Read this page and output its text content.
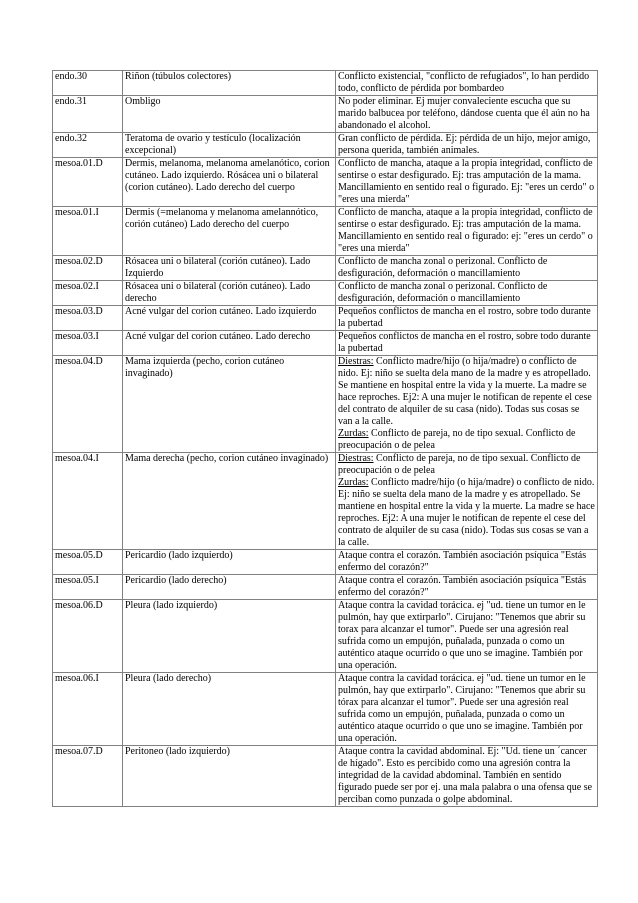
endo.30	Riñon (túbulos colectores)	Conflicto existencial, "conflicto de refugiados", lo han perdido todo, conflicto de pérdida por bombardeo
endo.31	Ombligo	No poder eliminar. Ej mujer convaleciente escucha que su marido balbucea por teléfono, dándose cuenta que él aún no ha abandonado el alcohol.
endo.32	Teratoma de ovario y testículo (localización excepcional)	Gran conflicto de pérdida. Ej: pérdida de un hijo, mejor amigo, persona querida, también animales.
mesoa.01.D	Dermis, melanoma, melanoma amelanótico, corion cutáneo. Lado izquierdo. Rósácea uni o bilateral (corion cutáneo). Lado derecho del cuerpo	Conflicto de mancha, ataque a la propia integridad, conflicto de sentirse o estar desfigurado. Ej: tras amputación de la mama. Mancillamiento en sentido real o figurado. Ej: "eres un cerdo" o "eres una mierda"
mesoa.01.I	Dermis (=melanoma y melanoma amelannótico, corión cutáneo) Lado derecho del cuerpo	Conflicto de mancha, ataque a la propia integridad, conflicto de sentirse o estar desfigurado. Ej: tras amputación de la mama. Mancillamiento en sentido real o figurado: ej: "eres un cerdo" o "eres una mierda"
mesoa.02.D	Rósacea uni o bilateral (corión cutáneo). Lado Izquierdo	Conflicto de mancha zonal o perizonal. Conflicto de desfiguración, deformación o mancillamiento
mesoa.02.I	Rósacea uni o bilateral (corión cutáneo). Lado derecho	Conflicto de mancha zonal o perizonal. Conflicto de desfiguración, deformación o mancillamiento
mesoa.03.D	Acné vulgar del corion cutáneo. Lado izquierdo	Pequeños conflictos de mancha en el rostro, sobre todo durante la pubertad
mesoa.03.I	Acné vulgar del corion cutáneo. Lado derecho	Pequeños conflictos de mancha en el rostro, sobre todo durante la pubertad
mesoa.04.D	Mama izquierda (pecho, corion cutáneo invaginado)	Diestras: Conflicto madre/hijo (o hija/madre) o conflicto de nido. Ej: niño se suelta dela mano de la madre y es atropellado. Se mantiene en hospital entre la vida y la muerte. La madre se hace reproches. Ej2: A una mujer le notifican de repente el cese del contrato de alquiler de su casa (nido). Todas sus cosas se van a la calle.
Zurdas: Conflicto de pareja, no de tipo sexual. Conflicto de preocupación o de pelea

mesoa.04.I	Mama derecha (pecho, corion cutáneo invaginado)	Diestras: Conflicto de pareja, no de tipo sexual. Conflicto de preocupación o de pelea
Zurdas: Conflicto madre/hijo (o hija/madre) o conflicto de nido. Ej: niño se suelta dela mano de la madre y es atropellado. Se mantiene en hospital entre la vida y la muerte. La madre se hace reproches. Ej2: A una mujer le notifican de repente el cese del contrato de alquiler de su casa (nido). Todas sus cosas se van a la calle.

mesoa.05.D	Pericardio (lado izquierdo)	Ataque contra el corazón. También asociación psíquica "Estás enfermo del corazón?"
mesoa.05.I	Pericardio (lado derecho)	Ataque contra el corazón. También asociación psíquica "Estás enfermo del corazón?"
mesoa.06.D	Pleura (lado izquierdo)	Ataque contra la cavidad torácica. ej "ud. tiene un tumor en le pulmón, hay que extirparlo". Cirujano: "Tenemos que abrir su torax para alcanzar el tumor". Puede ser una agresión real sufrida como un empujón, puñalada, punzada o como un auténtico ataque ocurrido o que uno se imagine. También por una operación.
mesoa.06.I	Pleura (lado derecho)	Ataque contra la cavidad torácica. ej "ud. tiene un tumor en le pulmón, hay que extirparlo". Cirujano: "Tenemos que abrir su tórax para alcanzar el tumor". Puede ser una agresión real sufrida como un empujón, puñalada, punzada o como un auténtico ataque ocurrido o que uno se imagine. También por una operación.
mesoa.07.D	Peritoneo (lado izquierdo)	Ataque contra la cavidad abdominal. Ej: "Ud. tiene un ´cancer de hígado". Esto es percibido como una agresión contra la integridad de la cavidad abdominal. También en sentido figurado puede ser por ej. una mala palabra o una ofensa que se perciban como punzada o golpe abdominal.
